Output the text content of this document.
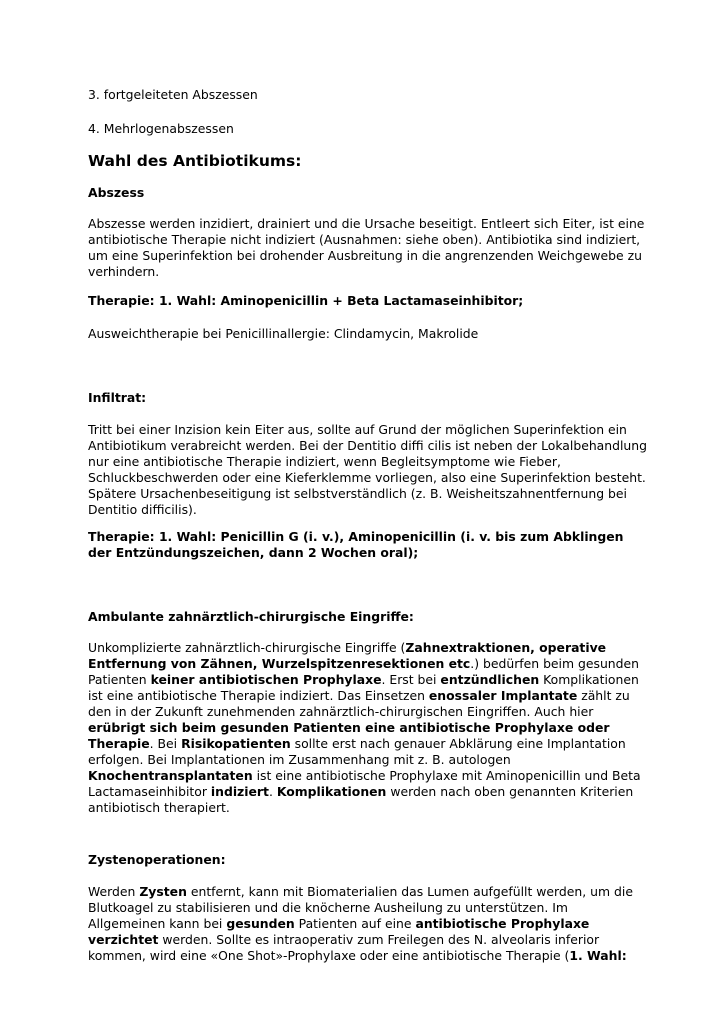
3. fortgeleiteten Abszessen
4. Mehrlogenabszessen
Wahl des Antibiotikums:
Abszess
Abszesse werden inzidiert, drainiert und die Ursache beseitigt. Entleert sich Eiter, ist eine
antibiotische Therapie nicht indiziert (Ausnahmen: siehe oben). Antibiotika sind indiziert,
um eine Superinfektion bei drohender Ausbreitung in die angrenzenden Weichgewebe zu
verhindern.
Therapie: 1. Wahl: Aminopenicillin + Beta Lactamaseinhibitor;
Ausweichtherapie bei Penicillinallergie: Clindamycin, Makrolide
Infiltrat:
Tritt bei einer Inzision kein Eiter aus, sollte auf Grund der möglichen Superinfektion ein
Antibiotikum verabreicht werden. Bei der Dentitio diffi cilis ist neben der Lokalbehandlung
nur eine antibiotische Therapie indiziert, wenn Begleitsymptome wie Fieber,
Schluckbeschwerden oder eine Kieferklemme vorliegen, also eine Superinfektion besteht.
Spätere Ursachenbeseitigung ist selbstverständlich (z. B. Weisheitszahnentfernung bei
Dentitio difficilis).
Therapie: 1. Wahl: Penicillin G (i. v.), Aminopenicillin (i. v. bis zum Abklingen
der Entzündungszeichen, dann 2 Wochen oral);
Ambulante zahnärztlich-chirurgische Eingriffe:
Unkomplizierte zahnärztlich-chirurgische Eingriffe (Zahnextraktionen, operative
Entfernung von Zähnen, Wurzelspitzenresektionen etc.) bedürfen beim gesunden
Patienten keiner antibiotischen Prophylaxe. Erst bei entzündlichen Komplikationen
ist eine antibiotische Therapie indiziert. Das Einsetzen enossaler Implantate zählt zu
den in der Zukunft zunehmenden zahnärztlich-chirurgischen Eingriffen. Auch hier
erübrigt sich beim gesunden Patienten eine antibiotische Prophylaxe oder
Therapie. Bei Risikopatienten sollte erst nach genauer Abklärung eine Implantation
erfolgen. Bei Implantationen im Zusammenhang mit z. B. autologen
Knochentransplantaten ist eine antibiotische Prophylaxe mit Aminopenicillin und Beta
Lactamaseinhibitor indiziert. Komplikationen werden nach oben genannten Kriterien
antibiotisch therapiert.
Zystenoperationen:
Werden Zysten entfernt, kann mit Biomaterialien das Lumen aufgefüllt werden, um die
Blutkoagel zu stabilisieren und die knöcherne Ausheilung zu unterstützen. Im
Allgemeinen kann bei gesunden Patienten auf eine antibiotische Prophylaxe
verzichtet werden. Sollte es intraoperativ zum Freilegen des N. alveolaris inferior
kommen, wird eine «One Shot»-Prophylaxe oder eine antibiotische Therapie (1. Wahl:
